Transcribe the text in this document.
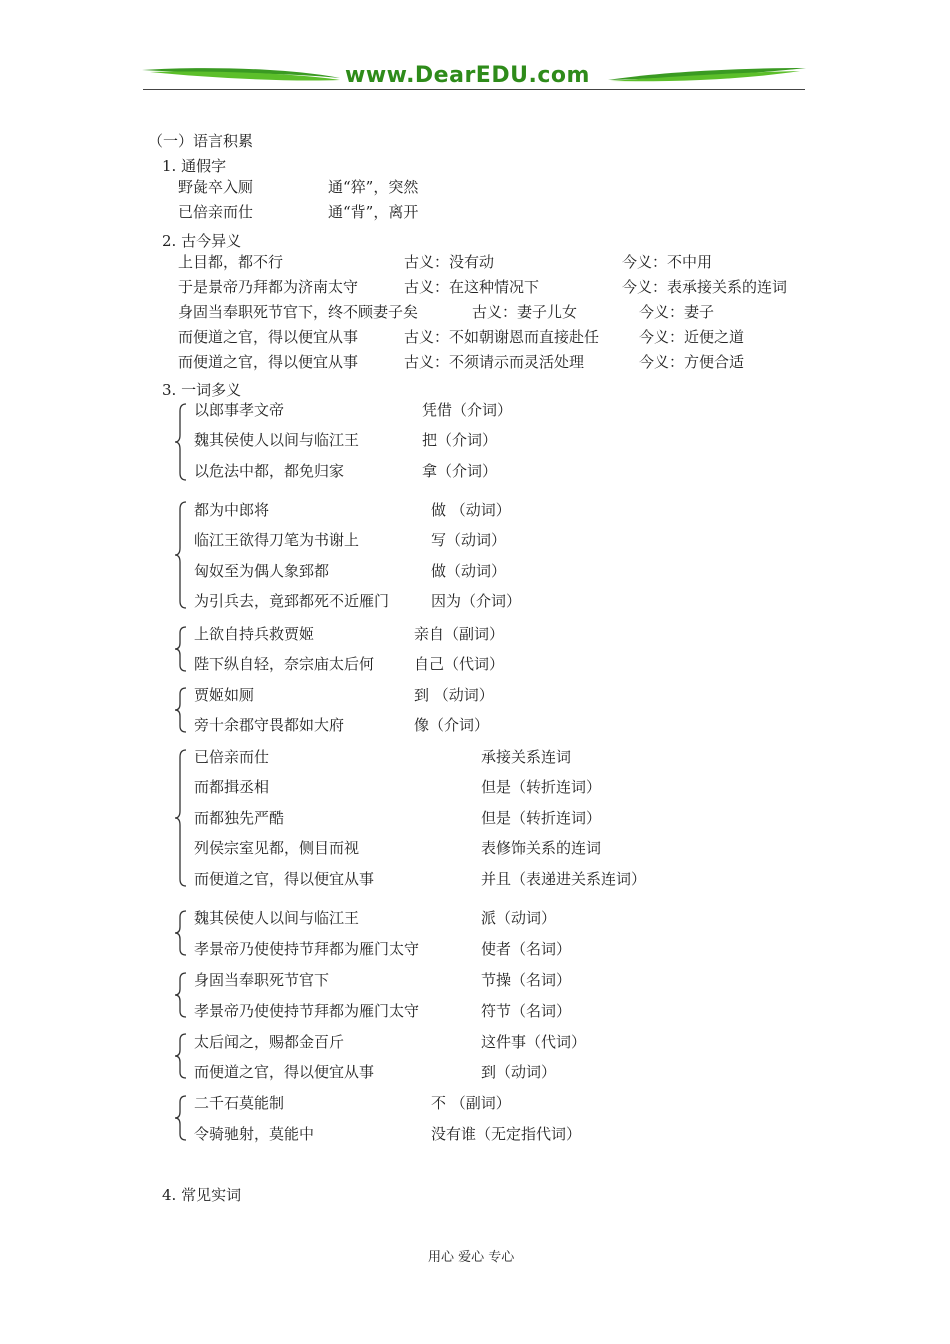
www.DearEDU.com
（一）语言积累
1. 通假字
野彘卒入厕	通“猝”，突然
已倍亲而仕	通“背”，离开
2. 古今异义
上目都，都不行	古义：没有动	今义：不中用
于是景帝乃拜都为济南太守	古义：在这种情况下	今义：表承接关系的连词
身固当奉职死节官下，终不顾妻子矣	古义：妻子儿女	今义：妻子
而便道之官，得以便宜从事	古义：不如朝谢恩而直接赴任	今义：近便之道
而便道之官，得以便宜从事	古义：不须请示而灵活处理	今义：方便合适
3. 一词多义
以郎事孝文帝	凭借（介词）
魏其侯使人以间与临江王	把（介词）
以危法中都，都免归家	拿（介词）
都为中郎将	做 （动词）
临江王欲得刀笔为书谢上	写（动词）
匈奴至为偶人象郅都	做（动词）
为引兵去，竟郅都死不近雁门	因为（介词）
上欲自持兵救贾姬	亲自（副词）
陛下纵自轻，奈宗庙太后何	自己（代词）
贾姬如厕	到 （动词）
旁十余郡守畏都如大府	像（介词）
已倍亲而仕	承接关系连词
而都揖丞相	但是（转折连词）
而都独先严酷	但是（转折连词）
列侯宗室见都，侧目而视	表修饰关系的连词
而便道之官，得以便宜从事	并且（表递进关系连词）
魏其侯使人以间与临江王	派（动词）
孝景帝乃使使持节拜都为雁门太守	使者（名词）
身固当奉职死节官下	节操（名词）
孝景帝乃使使持节拜都为雁门太守	符节（名词）
太后闻之，赐都金百斤	这件事（代词）
而便道之官，得以便宜从事	到（动词）
二千石莫能制	不 （副词）
令骑驰射，莫能中	没有谁（无定指代词）
4. 常见实词
用心 爱心 专心
